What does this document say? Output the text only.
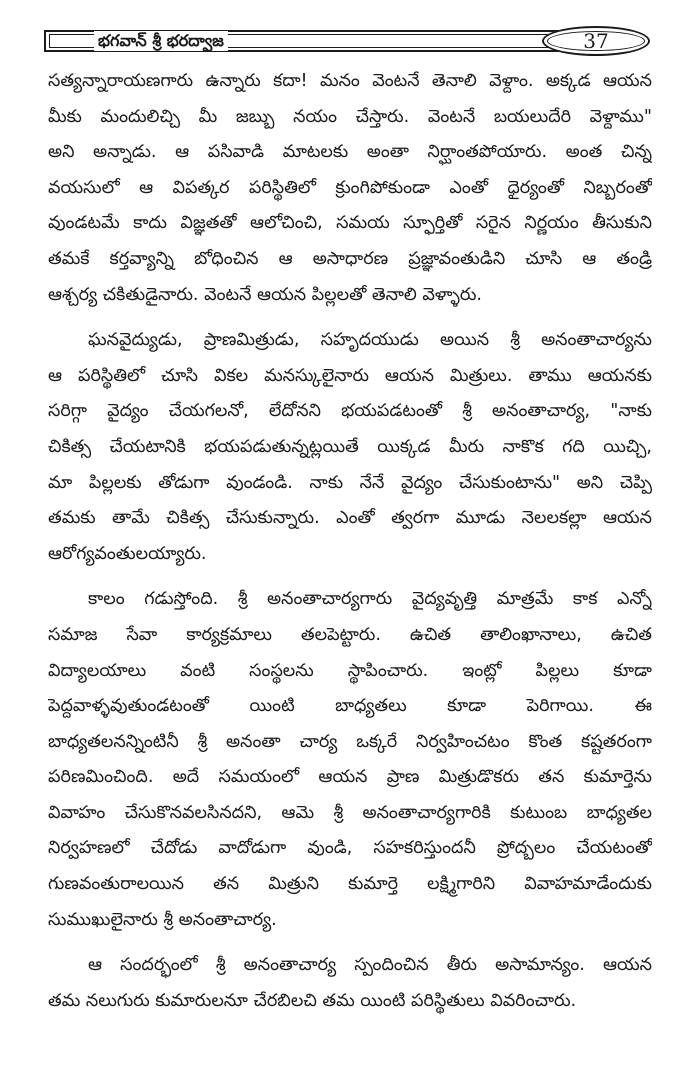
భగవాన్ శ్రీ భరద్వాజ	37
సత్యన్నారాయణగారు ఉన్నారు కదా! మనం వెంటనే తెనాలి వెళ్దాం. అక్కడ ఆయన
మీకు మందులిచ్చి మీ జబ్బు నయం చేస్తారు. వెంటనే బయలుదేరి వెళ్దాము"
అని అన్నాడు. ఆ పసివాడి మాటలకు అంతా నిర్ఘాంతపోయారు. అంత చిన్న
వయసులో ఆ విపత్కర పరిస్థితిలో క్రుంగిపోకుండా ఎంతో ధైర్యంతో నిబ్బరంతో
వుండటమే కాదు విజ్ఞతతో ఆలోచించి, సమయ స్ఫూర్తితో సరైన నిర్ణయం తీసుకుని
తమకే కర్తవ్యాన్ని బోధించిన ఆ అసాధారణ ప్రజ్ఞావంతుడిని చూసి ఆ తండ్రి
ఆశ్చర్య చకితుడైనారు. వెంటనే ఆయన పిల్లలతో తెనాలి వెళ్ళారు.
ఘనవైద్యుడు, ప్రాణమిత్రుడు, సహృదయుడు అయిన శ్రీ అనంతాచార్యను
ఆ పరిస్థితిలో చూసి వికల మనస్కులైనారు ఆయన మిత్రులు. తాము ఆయనకు
సరిగ్గా వైద్యం చేయగలనో, లేదోనని భయపడటంతో శ్రీ అనంతాచార్య, "నాకు
చికిత్స చేయటానికి భయపడుతున్నట్లయితే యిక్కడ మీరు నాకొక గది యిచ్చి,
మా పిల్లలకు తోడుగా వుండండి. నాకు నేనే వైద్యం చేసుకుంటాను" అని చెప్పి
తమకు తామే చికిత్స చేసుకున్నారు. ఎంతో త్వరగా మూడు నెలలకల్లా ఆయన
ఆరోగ్యవంతులయ్యారు.
కాలం గడుస్తోంది. శ్రీ అనంతాచార్యగారు వైద్యవృత్తి మాత్రమే కాక ఎన్నో
సమాజ సేవా కార్యక్రమాలు తలపెట్టారు. ఉచిత తాలింఖానాలు, ఉచిత
విద్యాలయాలు వంటి సంస్థలను స్థాపించారు. ఇంట్లో పిల్లలు కూడా
పెద్దవాళ్ళవుతుండటంతో యింటి బాధ్యతలు కూడా పెరిగాయి. ఈ
బాధ్యతలనన్నింటినీ శ్రీ అనంతా చార్య ఒక్కరే నిర్వహించటం కొంత కష్టతరంగా
పరిణమించింది. అదే సమయంలో ఆయన ప్రాణ మిత్రుడొకరు తన కుమార్తెను
వివాహం చేసుకొనవలసినదని, ఆమె శ్రీ అనంతాచార్యగారికి కుటుంబ బాధ్యతల
నిర్వహణలో చేదోడు వాదోడుగా వుండి, సహకరిస్తుందనీ ప్రోద్బలం చేయటంతో
గుణవంతురాలయిన తన మిత్రుని కుమార్తె లక్ష్మిగారిని వివాహమాడేందుకు
సుముఖులైనారు శ్రీ అనంతాచార్య.
ఆ సందర్భంలో శ్రీ అనంతాచార్య స్పందించిన తీరు అసామాన్యం. ఆయన
తమ నలుగురు కుమారులనూ చేరబిలచి తమ యింటి పరిస్థితులు వివరించారు.
